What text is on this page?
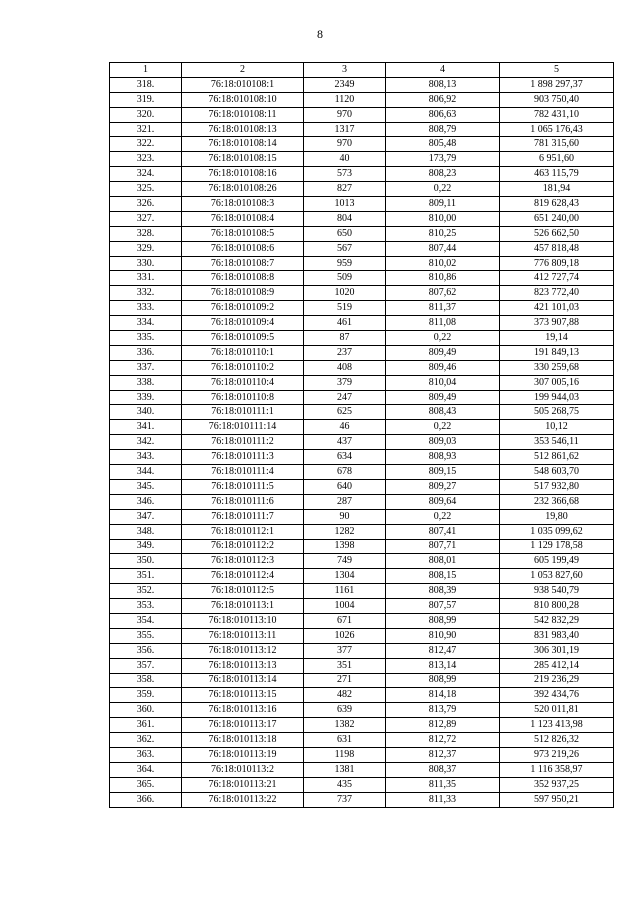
8
1	2	3	4	5
318.	76:18:010108:1	2349	808,13	1 898 297,37
319.	76:18:010108:10	1120	806,92	903 750,40
320.	76:18:010108:11	970	806,63	782 431,10
321.	76:18:010108:13	1317	808,79	1 065 176,43
322.	76:18:010108:14	970	805,48	781 315,60
323.	76:18:010108:15	40	173,79	6 951,60
324.	76:18:010108:16	573	808,23	463 115,79
325.	76:18:010108:26	827	0,22	181,94
326.	76:18:010108:3	1013	809,11	819 628,43
327.	76:18:010108:4	804	810,00	651 240,00
328.	76:18:010108:5	650	810,25	526 662,50
329.	76:18:010108:6	567	807,44	457 818,48
330.	76:18:010108:7	959	810,02	776 809,18
331.	76:18:010108:8	509	810,86	412 727,74
332.	76:18:010108:9	1020	807,62	823 772,40
333.	76:18:010109:2	519	811,37	421 101,03
334.	76:18:010109:4	461	811,08	373 907,88
335.	76:18:010109:5	87	0,22	19,14
336.	76:18:010110:1	237	809,49	191 849,13
337.	76:18:010110:2	408	809,46	330 259,68
338.	76:18:010110:4	379	810,04	307 005,16
339.	76:18:010110:8	247	809,49	199 944,03
340.	76:18:010111:1	625	808,43	505 268,75
341.	76:18:010111:14	46	0,22	10,12
342.	76:18:010111:2	437	809,03	353 546,11
343.	76:18:010111:3	634	808,93	512 861,62
344.	76:18:010111:4	678	809,15	548 603,70
345.	76:18:010111:5	640	809,27	517 932,80
346.	76:18:010111:6	287	809,64	232 366,68
347.	76:18:010111:7	90	0,22	19,80
348.	76:18:010112:1	1282	807,41	1 035 099,62
349.	76:18:010112:2	1398	807,71	1 129 178,58
350.	76:18:010112:3	749	808,01	605 199,49
351.	76:18:010112:4	1304	808,15	1 053 827,60
352.	76:18:010112:5	1161	808,39	938 540,79
353.	76:18:010113:1	1004	807,57	810 800,28
354.	76:18:010113:10	671	808,99	542 832,29
355.	76:18:010113:11	1026	810,90	831 983,40
356.	76:18:010113:12	377	812,47	306 301,19
357.	76:18:010113:13	351	813,14	285 412,14
358.	76:18:010113:14	271	808,99	219 236,29
359.	76:18:010113:15	482	814,18	392 434,76
360.	76:18:010113:16	639	813,79	520 011,81
361.	76:18:010113:17	1382	812,89	1 123 413,98
362.	76:18:010113:18	631	812,72	512 826,32
363.	76:18:010113:19	1198	812,37	973 219,26
364.	76:18:010113:2	1381	808,37	1 116 358,97
365.	76:18:010113:21	435	811,35	352 937,25
366.	76:18:010113:22	737	811,33	597 950,21
